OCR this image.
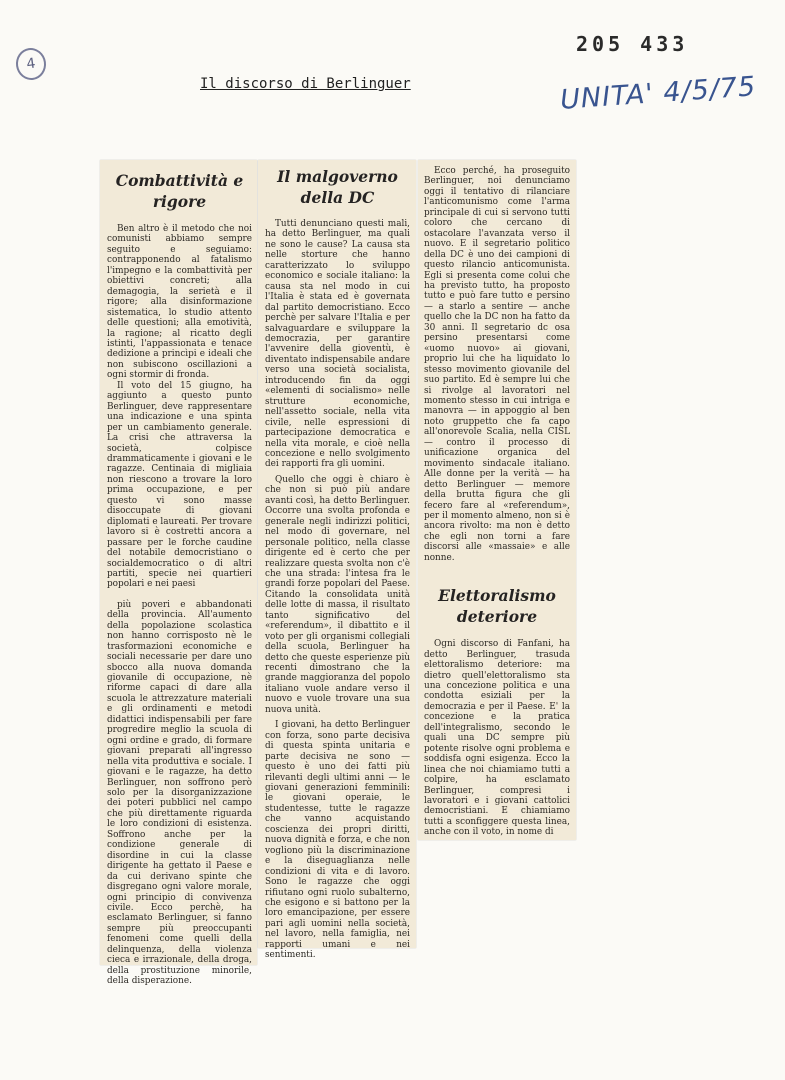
4
205 433
Il discorso di Berlinguer	UNITA' 4/5/75
Combattività e rigore

Ben altro è il metodo che noi comunisti abbiamo sempre seguito e seguiamo: contrapponendo al fatalismo l'impegno e la combattività per obiettivi concreti; alla demagogia, la serietà e il rigore; alla disinformazione sistematica, lo studio attento delle questioni; alla emotività, la ragione; al ricatto degli istinti, l'appassionata e tenace dedizione a princìpi e ideali che non subiscono oscillazioni a ogni stormir di fronda.

Il voto del 15 giugno, ha aggiunto a questo punto Berlinguer, deve rappresentare una indicazione e una spinta per un cambiamento generale. La crisi che attraversa la società, colpisce drammaticamente i giovani e le ragazze. Centinaia di migliaia non riescono a trovare la loro prima occupazione, e per questo vi sono masse disoccupate di giovani diplomati e laureati. Per trovare lavoro si è costretti ancora a passare per le forche caudine del notabile democristiano o socialdemocratico o di altri partiti, specie nei quartieri popolari e nei paesi

più poveri e abbandonati della provincia. All'aumento della popolazione scolastica non hanno corrisposto nè le trasformazioni economiche e sociali necessarie per dare uno sbocco alla nuova domanda giovanile di occupazione, nè riforme capaci di dare alla scuola le attrezzature materiali e gli ordinamenti e metodi didattici indispensabili per fare progredire meglio la scuola di ogni ordine e grado, di formare giovani preparati all'ingresso nella vita produttiva e sociale. I giovani e le ragazze, ha detto Berlinguer, non soffrono però solo per la disorganizzazione dei poteri pubblici nel campo che più direttamente riguarda le loro condizioni di esistenza. Soffrono anche per la condizione generale di disordine in cui la classe dirigente ha gettato il Paese e da cui derivano spinte che disgregano ogni valore morale, ogni principio di convivenza civile. Ecco perchè, ha esclamato Berlinguer, si fanno sempre più preoccupanti fenomeni come quelli della delinquenza, della violenza cieca e irrazionale, della droga, della prostituzione minorile, della disperazione.

Il malgoverno della DC

Tutti denunciano questi mali, ha detto Berlinguer, ma quali ne sono le cause? La causa sta nelle storture che hanno caratterizzato lo sviluppo economico e sociale italiano: la causa sta nel modo in cui l'Italia è stata ed è governata dal partito democristiano. Ecco perchè per salvare l'Italia e per salvaguardare e sviluppare la democrazia, per garantire l'avvenire della gioventù, è diventato indispensabile andare verso una società socialista, introducendo fin da oggi «elementi di socialismo» nelle strutture economiche, nell'assetto sociale, nella vita civile, nelle espressioni di partecipazione democratica e nella vita morale, e cioè nella concezione e nello svolgimento dei rapporti fra gli uomini.

Quello che oggi è chiaro è che non si può più andare avanti così, ha detto Berlinguer. Occorre una svolta profonda e generale negli indirizzi politici, nel modo di governare, nel personale politico, nella classe dirigente ed è certo che per realizzare questa svolta non c'è che una strada: l'intesa fra le grandi forze popolari del Paese. Citando la consolidata unità delle lotte di massa, il risultato tanto significativo del «referendum», il dibattito e il voto per gli organismi collegiali della scuola, Berlinguer ha detto che queste esperienze più recenti dimostrano che la grande maggioranza del popolo italiano vuole andare verso il nuovo e vuole trovare una sua nuova unità.

I giovani, ha detto Berlinguer con forza, sono parte decisiva di questa spinta unitaria e parte decisiva ne sono — questo è uno dei fatti più rilevanti degli ultimi anni — le giovani generazioni femminili: le giovani operaie, le studentesse, tutte le ragazze che vanno acquistando coscienza dei propri diritti, nuova dignità e forza, e che non vogliono più la discriminazione e la diseguaglianza nelle condizioni di vita e di lavoro. Sono le ragazze che oggi rifiutano ogni ruolo subalterno, che esigono e si battono per la loro emancipazione, per essere pari agli uomini nella società, nel lavoro, nella famiglia, nei rapporti umani e nei sentimenti.

Ecco perché, ha proseguito Berlinguer, noi denunciamo oggi il tentativo di rilanciare l'anticomunismo come l'arma principale di cui si servono tutti coloro che cercano di ostacolare l'avanzata verso il nuovo. E il segretario politico della DC è uno dei campioni di questo rilancio anticomunista. Egli si presenta come colui che ha previsto tutto, ha proposto tutto e può fare tutto e persino — a starlo a sentire — anche quello che la DC non ha fatto da 30 anni. Il segretario dc osa persino presentarsi come «uomo nuovo» ai giovani, proprio lui che ha liquidato lo stesso movimento giovanile del suo partito. Ed è sempre lui che si rivolge al lavoratori nel momento stesso in cui intriga e manovra — in appoggio al ben noto gruppetto che fa capo all'onorevole Scalia, nella CISL — contro il processo di unificazione organica del movimento sindacale italiano. Alle donne per la verità — ha detto Berlinguer — memore della brutta figura che gli fecero fare al «referendum», per il momento almeno, non si è ancora rivolto: ma non è detto che egli non torni a fare discorsi alle «massaie» e alle nonne.

Elettoralismo deteriore

Ogni discorso di Fanfani, ha detto Berlinguer, trasuda elettoralismo deteriore: ma dietro quell'elettoralismo sta una concezione politica e una condotta esiziali per la democrazia e per il Paese. E' la concezione e la pratica dell'integralismo, secondo le quali una DC sempre più potente risolve ogni problema e soddisfa ogni esigenza. Ecco la linea che noi chiamiamo tutti a colpire, ha esclamato Berlinguer, compresi i lavoratori e i giovani cattolici democristiani. E chiamiamo tutti a sconfiggere questa linea, anche con il voto, in nome di
